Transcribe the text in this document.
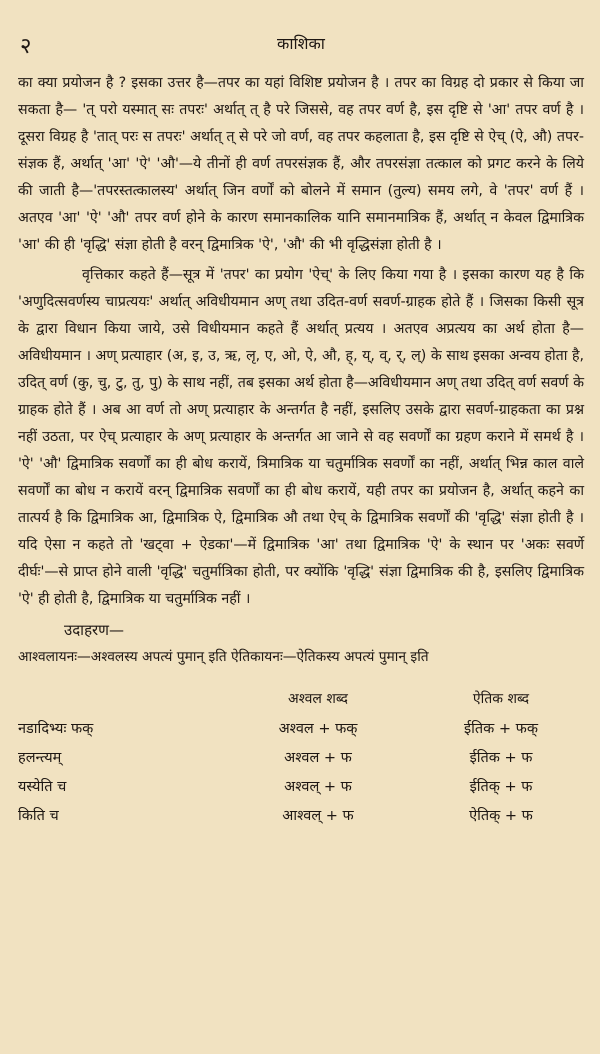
२	काशिका

का क्या प्रयोजन है ? इसका उत्तर है—तपर का यहां विशिष्ट प्रयोजन है । तपर का विग्रह दो प्रकार से किया जा सकता है— 'त् परो यस्मात् सः तपरः' अर्थात् त् है परे जिससे, वह तपर वर्ण है, इस दृष्टि से 'आ' तपर वर्ण है । दूसरा विग्रह है 'तात् परः स तपरः' अर्थात् त् से परे जो वर्ण, वह तपर कहलाता है, इस दृष्टि से ऐच् (ऐ, औ) तपर-संज्ञक हैं, अर्थात् 'आ' 'ऐ' 'औ'—ये तीनों ही वर्ण तपरसंज्ञक हैं, और तपरसंज्ञा तत्काल को प्रगट करने के लिये की जाती है—'तपरस्तत्कालस्य' अर्थात् जिन वर्णों को बोलने में समान (तुल्य) समय लगे, वे 'तपर' वर्ण हैं । अतएव 'आ' 'ऐ' 'औ' तपर वर्ण होने के कारण समानकालिक यानि समानमात्रिक हैं, अर्थात् न केवल द्विमात्रिक 'आ' की ही 'वृद्धि' संज्ञा होती है वरन् द्विमात्रिक 'ऐ', 'औ' की भी वृद्धिसंज्ञा होती है ।

वृत्तिकार कहते हैं—सूत्र में 'तपर' का प्रयोग 'ऐच्' के लिए किया गया है । इसका कारण यह है कि 'अणुदित्सवर्णस्य चाप्रत्ययः' अर्थात् अविधीयमान अण् तथा उदित-वर्ण सवर्ण-ग्राहक होते हैं । जिसका किसी सूत्र के द्वारा विधान किया जाये, उसे विधीयमान कहते हैं अर्थात् प्रत्यय । अतएव अप्रत्यय का अर्थ होता है—अविधीयमान । अण् प्रत्याहार (अ, इ, उ, ऋ, लृ, ए, ओ, ऐ, औ, ह्, य्, व्, र्, ल्) के साथ इसका अन्वय होता है, उदित् वर्ण (कु, चु, टु, तु, पु) के साथ नहीं, तब इसका अर्थ होता है—अविधीयमान अण् तथा उदित् वर्ण सवर्ण के ग्राहक होते हैं । अब आ वर्ण तो अण् प्रत्याहार के अन्तर्गत है नहीं, इसलिए उसके द्वारा सवर्ण-ग्राहकता का प्रश्न नहीं उठता, पर ऐच् प्रत्याहार के अण् प्रत्याहार के अन्तर्गत आ जाने से वह सवर्णों का ग्रहण कराने में समर्थ है । 'ऐ' 'औ' द्विमात्रिक सवर्णों का ही बोध करायें, त्रिमात्रिक या चतुर्मात्रिक सवर्णों का नहीं, अर्थात् भिन्न काल वाले सवर्णों का बोध न करायें वरन् द्विमात्रिक सवर्णों का ही बोध करायें, यही तपर का प्रयोजन है, अर्थात् कहने का तात्पर्य है कि द्विमात्रिक आ, द्विमात्रिक ऐ, द्विमात्रिक औ तथा ऐच् के द्विमात्रिक सवर्णों की 'वृद्धि' संज्ञा होती है । यदि ऐसा न कहते तो 'खट्वा + ऐडका'—में द्विमात्रिक 'आ' तथा द्विमात्रिक 'ऐ' के स्थान पर 'अकः सवर्णे दीर्घः'—से प्राप्त होने वाली 'वृद्धि' चतुर्मात्रिका होती, पर क्योंकि 'वृद्धि' संज्ञा द्विमात्रिक की है, इसलिए द्विमात्रिक 'ऐ' ही होती है, द्विमात्रिक या चतुर्मात्रिक नहीं ।

उदाहरण—

आश्वलायनः—अश्वलस्य अपत्यं पुमान् इति ऐतिकायनः—ऐतिकस्य अपत्यं पुमान् इति

	अश्वल शब्द	ऐतिक शब्द
नडादिभ्यः फक्	अश्वल + फक्	ईतिक + फक्
हलन्त्यम्	अश्वल + फ	ईतिक + फ
यस्येति च	अश्वल् + फ	ईतिक् + फ
किति च	आश्वल् + फ	ऐतिक् + फ
